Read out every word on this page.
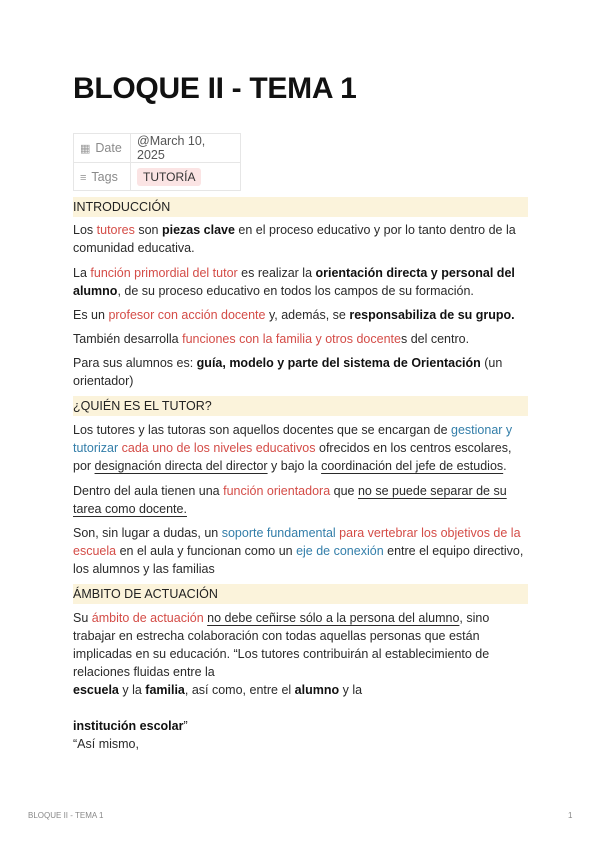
BLOQUE II - TEMA 1
▦ Date	@March 10, 2025
≡ Tags	TUTORÍA
INTRODUCCIÓN

Los tutores son piezas clave en el proceso educativo y por lo tanto dentro de la comunidad educativa.

La función primordial del tutor es realizar la orientación directa y personal del alumno, de su proceso educativo en todos los campos de su formación.

Es un profesor con acción docente y, además, se responsabiliza de su grupo.

También desarrolla funciones con la familia y otros docentes del centro.

Para sus alumnos es: guía, modelo y parte del sistema de Orientación (un orientador)

¿QUIÉN ES EL TUTOR?

Los tutores y las tutoras son aquellos docentes que se encargan de gestionar y tutorizar cada uno de los niveles educativos ofrecidos en los centros escolares, por designación directa del director y bajo la coordinación del jefe de estudios.

Dentro del aula tienen una función orientadora que no se puede separar de su tarea como docente.

Son, sin lugar a dudas, un soporte fundamental para vertebrar los objetivos de la escuela en el aula y funcionan como un eje de conexión entre el equipo directivo, los alumnos y las familias

ÁMBITO DE ACTUACIÓN

Su ámbito de actuación no debe ceñirse sólo a la persona del alumno, sino trabajar en estrecha colaboración con todas aquellas personas que están implicadas en su educación. “Los tutores contribuirán al establecimiento de relaciones fluidas entre la

escuela y la familia, así como, entre el alumno y la

institución escolar”

“Así mismo,

BLOQUE II - TEMA 1	1
